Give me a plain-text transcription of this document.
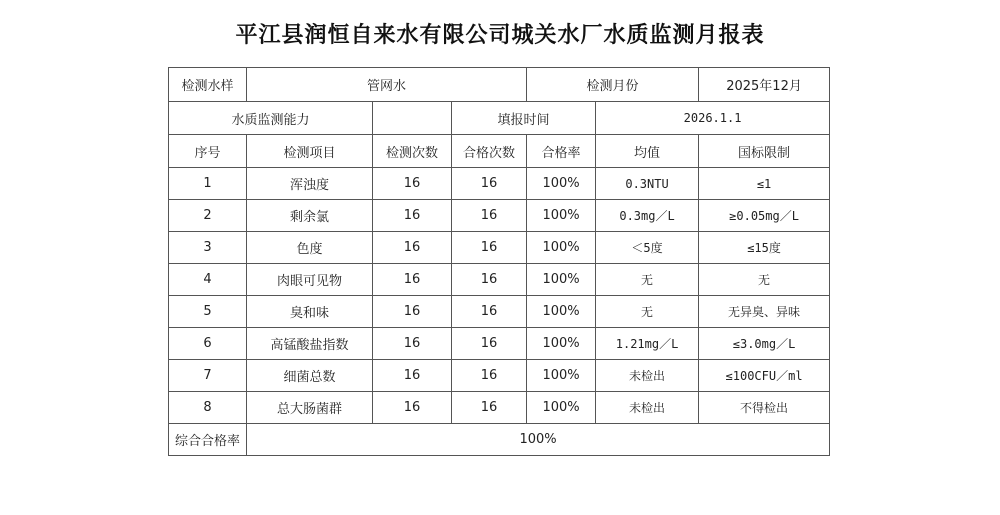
平江县润恒自来水有限公司城关水厂水质监测月报表
检测水样	管网水			检测月份		2025年12月
水质监测能力			填报时间		2026.1.1	
序号	检测项目	检测次数	合格次数	合格率	均值	国标限制
1	浑浊度	16	16	100%	0.3NTU	≤1
2	剩余氯	16	16	100%	0.3mg／L	≥0.05mg／L
3	色度	16	16	100%	＜5度	≤15度
4	肉眼可见物	16	16	100%	无	无
5	臭和味	16	16	100%	无	无异臭、异味
6	高锰酸盐指数	16	16	100%	1.21mg／L	≤3.0mg／L
7	细菌总数	16	16	100%	未检出	≤100CFU／ml
8	总大肠菌群	16	16	100%	未检出	不得检出
综合合格率	100%					
